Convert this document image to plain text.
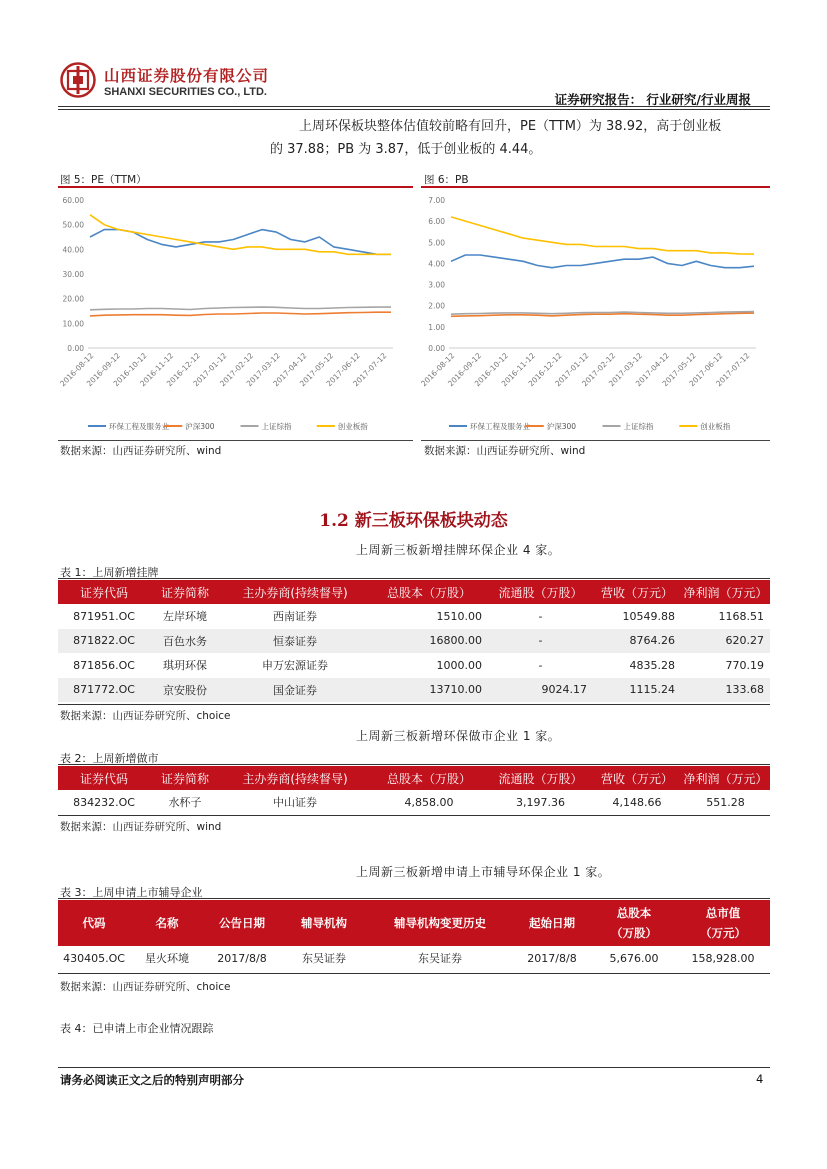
山西证券股份有限公司
SHANXI SECURITIES CO., LTD.	证券研究报告： 行业研究/行业周报
上周环保板块整体估值较前略有回升，PE（TTM）为 38.92，高于创业板
的 37.88；PB 为 3.87，低于创业板的 4.44。
图 5：PE（TTM）
0.00
10.00
20.00
30.00
40.00
50.00
60.00
2016-08-12
2016-09-12
2016-10-12
2016-11-12
2016-12-12
2017-01-12
2017-02-12
2017-03-12
2017-04-12
2017-05-12
2017-06-12
2017-07-12
环保工程及服务业 沪深300	上证综指	创业板指
数据来源：山西证券研究所、wind
图 6：PB
0.00
1.00
2.00
3.00
4.00
5.00
6.00
7.00
2016-08-12
2016-09-12
2016-10-12
2016-11-12
2016-12-12
2017-01-12
2017-02-12
2017-03-12
2017-04-12
2017-05-12
2017-06-12
2017-07-12
环保工程及服务业 沪深300	上证综指	创业板指
数据来源：山西证券研究所、wind
1.2 新三板环保板块动态
上周新三板新增挂牌环保企业 4 家。
表 1：上周新增挂牌
证券代码	证券简称	主办券商(持续督导)	总股本（万股）	流通股（万股）	营收（万元）	净利润（万元）
871951.OC	左岸环境	西南证券	1510.00	-	10549.88	1168.51
871822.OC	百色水务	恒泰证券	16800.00	-	8764.26	620.27
871856.OC	琪玥环保	申万宏源证券	1000.00	-	4835.28	770.19
871772.OC	京安股份	国金证券	13710.00	9024.17	1115.24	133.68
数据来源：山西证券研究所、choice
上周新三板新增环保做市企业 1 家。
表 2：上周新增做市
证券代码	证券简称	主办券商(持续督导)	总股本（万股）	流通股（万股）	营收（万元）	净利润（万元）
834232.OC	水杯子	中山证券	4,858.00	3,197.36	4,148.66	551.28
数据来源：山西证券研究所、wind
上周新三板新增申请上市辅导环保企业 1 家。
表 3：上周申请上市辅导企业
代码	名称	公告日期	辅导机构	辅导机构变更历史	起始日期	总股本
（万股）	总市值
（万元）
430405.OC	星火环境	2017/8/8	东吴证券	东吴证券	2017/8/8	5,676.00	158,928.00
数据来源：山西证券研究所、choice
表 4：已申请上市企业情况跟踪
请务必阅读正文之后的特别声明部分	4
